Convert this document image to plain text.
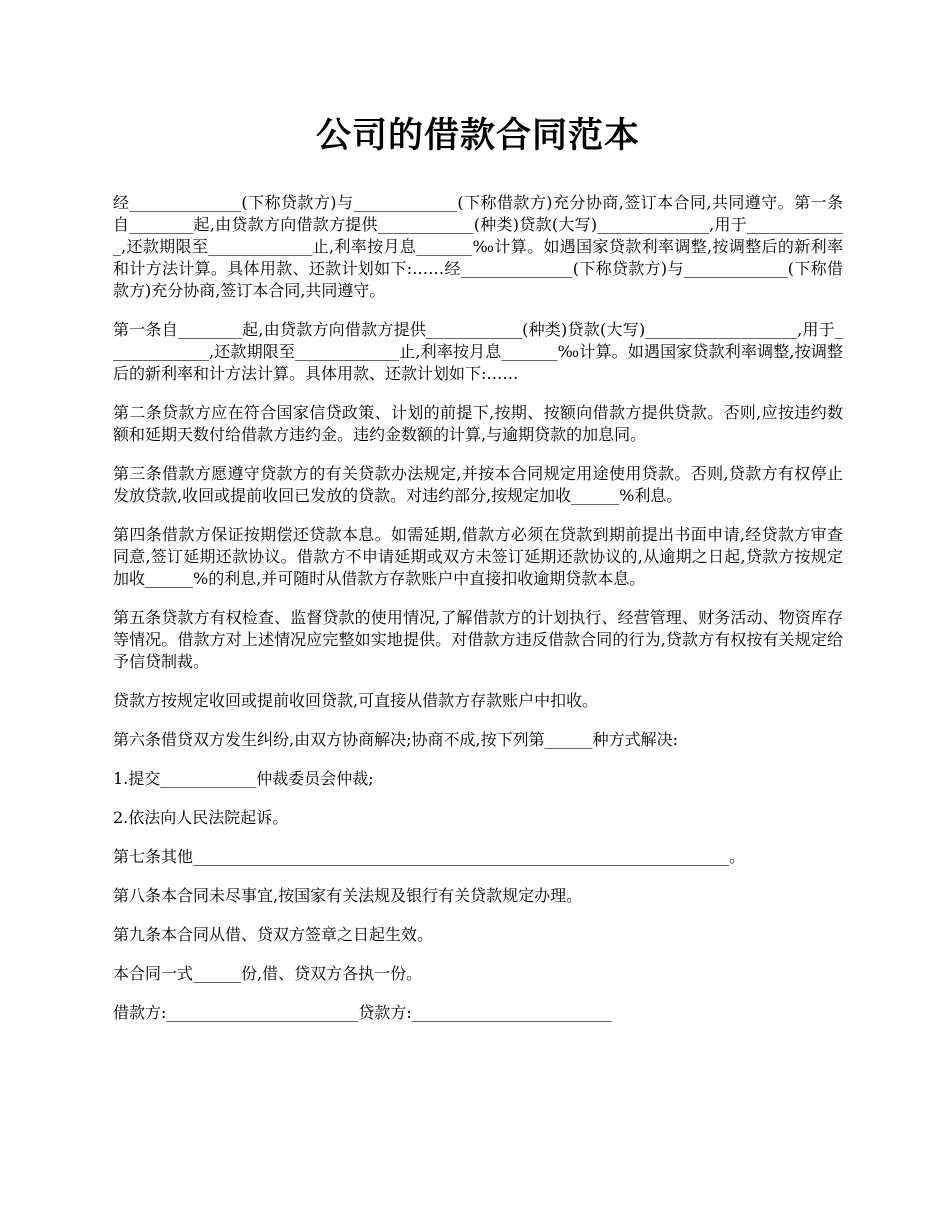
公司的借款合同范本

经______________(下称贷款方)与_____________(下称借款方)充分协商,签订本合同,共同遵守。第一条自________起,由贷款方向借款方提供____________(种类)贷款(大写)______________,用于_____________,还款期限至_____________止,利率按月息_______‰计算。如遇国家贷款利率调整,按调整后的新利率和计方法计算。具体用款、还款计划如下:……经______________(下称贷款方)与_____________(下称借款方)充分协商,签订本合同,共同遵守。

第一条自________起,由贷款方向借款方提供____________(种类)贷款(大写)___________________,用于_____________,还款期限至_____________止,利率按月息_______‰计算。如遇国家贷款利率调整,按调整后的新利率和计方法计算。具体用款、还款计划如下:……

第二条贷款方应在符合国家信贷政策、计划的前提下,按期、按额向借款方提供贷款。否则,应按违约数额和延期天数付给借款方违约金。违约金数额的计算,与逾期贷款的加息同。

第三条借款方愿遵守贷款方的有关贷款办法规定,并按本合同规定用途使用贷款。否则,贷款方有权停止发放贷款,收回或提前收回已发放的贷款。对违约部分,按规定加收______%利息。

第四条借款方保证按期偿还贷款本息。如需延期,借款方必须在贷款到期前提出书面申请,经贷款方审查同意,签订延期还款协议。借款方不申请延期或双方未签订延期还款协议的,从逾期之日起,贷款方按规定加收______%的利息,并可随时从借款方存款账户中直接扣收逾期贷款本息。

第五条贷款方有权检查、监督贷款的使用情况,了解借款方的计划执行、经营管理、财务活动、物资库存等情况。借款方对上述情况应完整如实地提供。对借款方违反借款合同的行为,贷款方有权按有关规定给予信贷制裁。

贷款方按规定收回或提前收回贷款,可直接从借款方存款账户中扣收。

第六条借贷双方发生纠纷,由双方协商解决;协商不成,按下列第______种方式解决:

1.提交____________仲裁委员会仲裁;

2.依法向人民法院起诉。

第七条其他___________________________________________________________________。

第八条本合同未尽事宜,按国家有关法规及银行有关贷款规定办理。

第九条本合同从借、贷双方签章之日起生效。

本合同一式______份,借、贷双方各执一份。

借款方:________________________贷款方:_________________________
